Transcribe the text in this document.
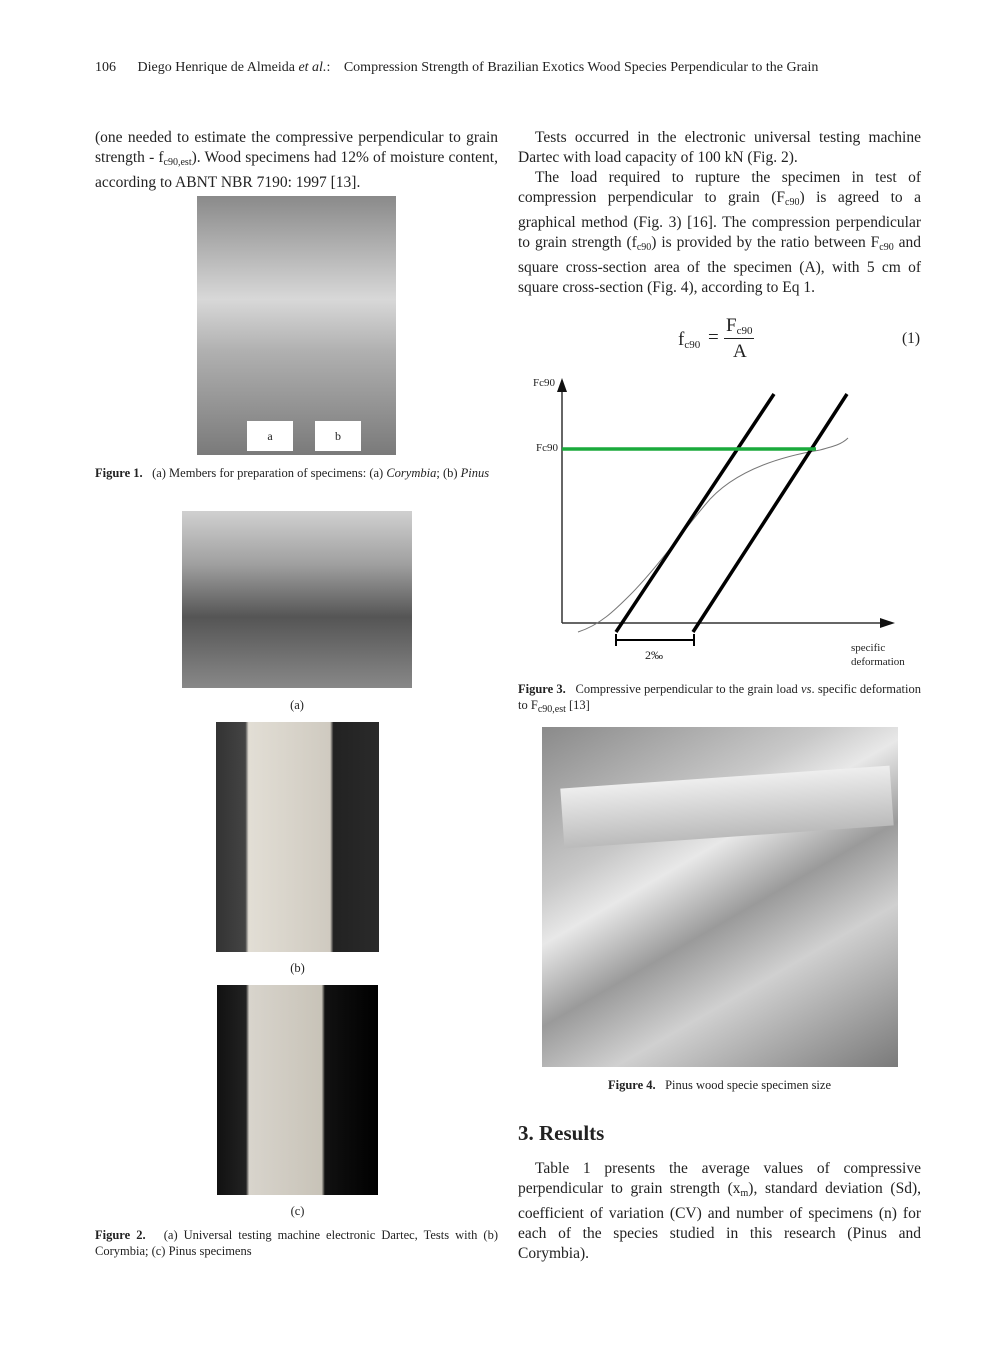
106 Diego Henrique de Almeida et al.: Compression Strength of Brazilian Exotics Wood Species Perpendicular to the Grain

(one needed to estimate the compressive perpendicular to grain strength - $f_{c90,est}$). Wood specimens had 12% of moisture content, according to ABNT NBR 7190: 1997 [13].

a	b
Figure 1. (a) Members for preparation of specimens: (a) Corymbia; (b) Pinus
(a)
(b)
(c)
Figure 2. (a) Universal testing machine electronic Dartec, Tests with (b) Corymbia; (c) Pinus specimens

Tests occurred in the electronic universal testing machine Dartec with load capacity of 100 kN (Fig. 2).

The load required to rupture the specimen in test of compression perpendicular to grain $(F_{c90})$ is agreed to a graphical method (Fig. 3) [16]. The compression perpendicular to grain strength $(f_{c90})$ is provided by the ratio between $F_{c90}$ and square cross-section area of the specimen (A), with 5 cm of square cross-section (Fig. 4), according to Eq 1.

$f_{c90}$ =
$F_{c90}$
A
(1)
Fc90
Fc90
2‰	specific
deformation
Figure 3. Compressive perpendicular to the grain load vs. specific deformation to $F_{c90,est}$ [13]
Figure 4. Pinus wood specie specimen size
3. Results

Table 1 presents the average values of compressive perpendicular to grain strength $(x_m)$, standard deviation (Sd), coefficient of variation (CV) and number of specimens (n) for each of the species studied in this research (Pinus and Corymbia).
